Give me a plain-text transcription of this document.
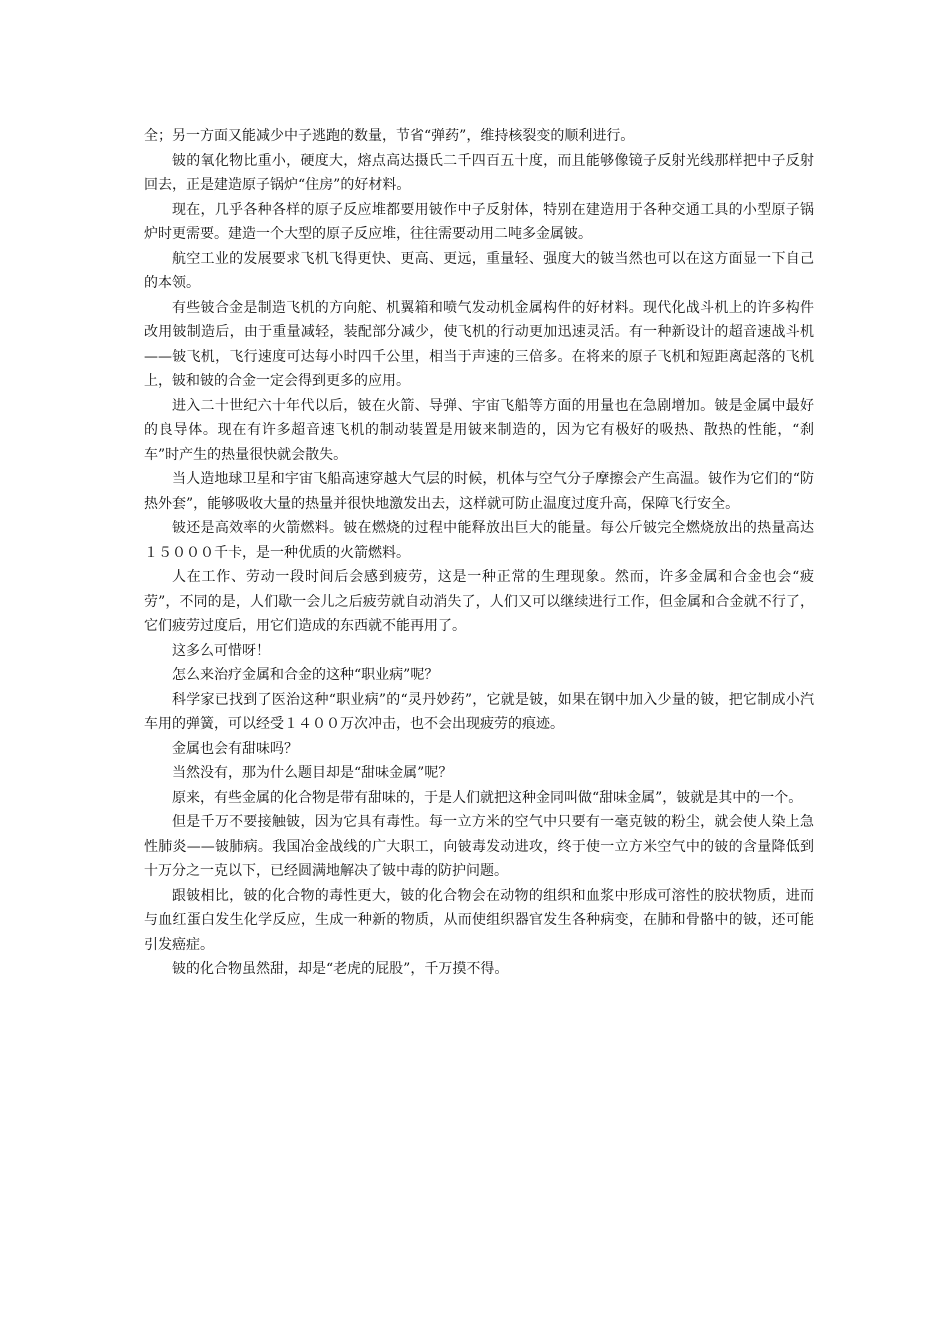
全；另一方面又能减少中子逃跑的数量，节省“弹药”，维持核裂变的顺利进行。

铍的氧化物比重小，硬度大，熔点高达摄氏二千四百五十度，而且能够像镜子反射光线那样把中子反射回去，正是建造原子锅炉“住房”的好材料。

现在，几乎各种各样的原子反应堆都要用铍作中子反射体，特别在建造用于各种交通工具的小型原子锅炉时更需要。建造一个大型的原子反应堆，往往需要动用二吨多金属铍。

航空工业的发展要求飞机飞得更快、更高、更远，重量轻、强度大的铍当然也可以在这方面显一下自己的本领。

有些铍合金是制造飞机的方向舵、机翼箱和喷气发动机金属构件的好材料。现代化战斗机上的许多构件改用铍制造后，由于重量减轻，装配部分减少，使飞机的行动更加迅速灵活。有一种新设计的超音速战斗机——铍飞机，飞行速度可达每小时四千公里，相当于声速的三倍多。在将来的原子飞机和短距离起落的飞机上，铍和铍的合金一定会得到更多的应用。

进入二十世纪六十年代以后，铍在火箭、导弹、宇宙飞船等方面的用量也在急剧增加。铍是金属中最好的良导体。现在有许多超音速飞机的制动装置是用铍来制造的，因为它有极好的吸热、散热的性能，“刹车”时产生的热量很快就会散失。

当人造地球卫星和宇宙飞船高速穿越大气层的时候，机体与空气分子摩擦会产生高温。铍作为它们的“防热外套”，能够吸收大量的热量并很快地激发出去，这样就可防止温度过度升高，保障飞行安全。

铍还是高效率的火箭燃料。铍在燃烧的过程中能释放出巨大的能量。每公斤铍完全燃烧放出的热量高达１５０００千卡，是一种优质的火箭燃料。

人在工作、劳动一段时间后会感到疲劳，这是一种正常的生理现象。然而，许多金属和合金也会“疲劳”，不同的是，人们歇一会儿之后疲劳就自动消失了，人们又可以继续进行工作，但金属和合金就不行了，它们疲劳过度后，用它们造成的东西就不能再用了。

这多么可惜呀！

怎么来治疗金属和合金的这种“职业病”呢？

科学家已找到了医治这种“职业病”的“灵丹妙药”，它就是铍，如果在钢中加入少量的铍，把它制成小汽车用的弹簧，可以经受１４００万次冲击，也不会出现疲劳的痕迹。

金属也会有甜味吗？

当然没有，那为什么题目却是“甜味金属”呢？

原来，有些金属的化合物是带有甜味的，于是人们就把这种金同叫做“甜味金属”，铍就是其中的一个。

但是千万不要接触铍，因为它具有毒性。每一立方米的空气中只要有一毫克铍的粉尘，就会使人染上急性肺炎——铍肺病。我国冶金战线的广大职工，向铍毒发动进攻，终于使一立方米空气中的铍的含量降低到十万分之一克以下，已经圆满地解决了铍中毒的防护问题。

跟铍相比，铍的化合物的毒性更大，铍的化合物会在动物的组织和血浆中形成可溶性的胶状物质，进而与血红蛋白发生化学反应，生成一种新的物质，从而使组织器官发生各种病变，在肺和骨骼中的铍，还可能引发癌症。

铍的化合物虽然甜，却是“老虎的屁股”，千万摸不得。
